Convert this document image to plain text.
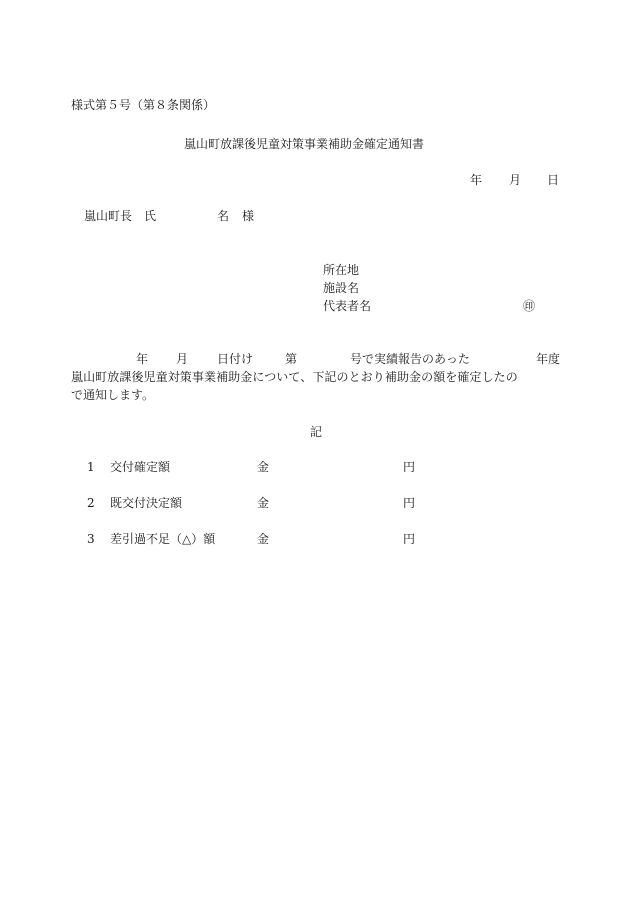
様式第５号（第８条関係）
嵐山町放課後児童対策事業補助金確定通知書
年 月 日
嵐山町長　氏	名 様
所在地
施設名
代表者名	㊞
年 月 日付け	第	号で実績報告のあった	年度
嵐山町放課後児童対策事業補助金について、下記のとおり補助金の額を確定したの
で通知します。
記
1 交付確定額	金	円
2 既交付決定額	金	円
3 差引過不足（△）額	金	円
